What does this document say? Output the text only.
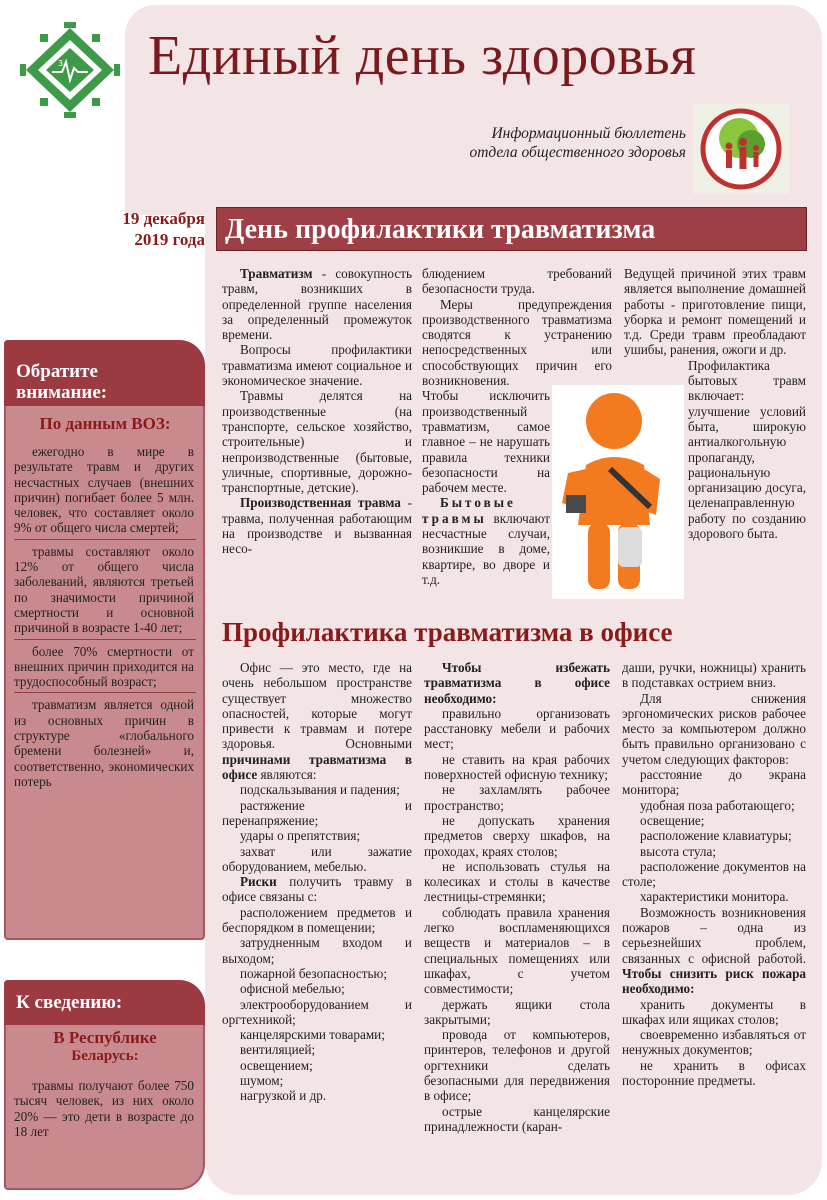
3 Единый день здоровья
Информационный бюллетень
отдела общественного здоровья
19 декабря
2019 года День профилактики травматизма

Травматизм - совокупность травм, возникших в определенной группе населения за определенный промежуток времени.

Вопросы профилактики травматизма имеют социальное и экономическое значение.

Травмы делятся на производственные (на транспорте, сельское хозяйство, строительные) и непроизводственные (бытовые, уличные, спортивные, дорожно-транспортные, детские).

Производственная травма - травма, полученная работающим на производстве и вызванная несо-

блюдением требований безопасности труда.

Меры предупреждения производственного травматизма сводятся к устранению непосредственных или способствующих причин его возникновения.

Чтобы исключить производственный травматизм, самое главное – не нарушать правила техники безопасности на рабочем месте.

Бытовые травмы включают несчастные случаи, возникшие в доме, квартире, во дворе и т.д.

Ведущей причиной этих травм является выполнение домашней работы - приготовление пищи, уборка и ремонт помещений и т.д. Среди травм преобладают ушибы, ранения, ожоги и др.

Профилактика бытовых травм включает: улучшение условий быта, широкую антиалкогольную пропаганду, рациональную организацию досуга, целенаправленную работу по созданию здорового быта.

Профилактика травматизма в офисе

Офис — это место, где на очень небольшом пространстве существует множество опасностей, которые могут привести к травмам и потере здоровья. Основными причинами травматизма в офисе являются:

подскальзывания и падения;

растяжение и перенапряжение;

удары о препятствия;

захват или зажатие оборудованием, мебелью.

Риски получить травму в офисе связаны с:

расположением предметов и беспорядком в помещении;

затрудненным входом и выходом;

пожарной безопасностью;

офисной мебелью;

электрооборудованием и оргтехникой;

канцелярскими товарами;

вентиляцией;

освещением;

шумом;

нагрузкой и др.

Чтобы избежать травматизма в офисе необходимо:

правильно организовать расстановку мебели и рабочих мест;

не ставить на края рабочих поверхностей офисную технику;

не захламлять рабочее пространство;

не допускать хранения предметов сверху шкафов, на проходах, краях столов;

не использовать стулья на колесиках и столы в качестве лестницы-стремянки;

соблюдать правила хранения легко воспламеняющихся веществ и материалов – в специальных помещениях или шкафах, с учетом совместимости;

держать ящики стола закрытыми;

провода от компьютеров, принтеров, телефонов и другой оргтехники сделать безопасными для передвижения в офисе;

острые канцелярские принадлежности (каран-

даши, ручки, ножницы) хранить в подставках острием вниз.

Для снижения эргономических рисков рабочее место за компьютером должно быть правильно организовано с учетом следующих факторов:

расстояние до экрана монитора;

удобная поза работающего;

освещение;

расположение клавиатуры;

высота стула;

расположение документов на столе;

характеристики монитора.

Возможность возникновения пожаров – одна из серьезнейших проблем, связанных с офисной работой. Чтобы снизить риск пожара необходимо:

хранить документы в шкафах или ящиках столов;

своевременно избавляться от ненужных документов;

не хранить в офисах посторонние предметы.

Обратите
внимание:
По данным ВОЗ:

ежегодно в мире в результате травм и других несчастных случаев (внешних причин) погибает более 5 млн. человек, что составляет около 9% от общего числа смертей;

травмы составляют около 12% от общего числа заболеваний, являются третьей по значимости причиной смертности и основной причиной в возрасте 1-40 лет;

более 70% смертности от внешних причин приходится на трудоспособный возраст;

травматизм является одной из основных причин в структуре «глобального бремени болезней» и, соответственно, экономических потерь

К сведению:
В Республике
Беларусь:

травмы получают более 750 тысяч человек, из них около 20% — это дети в возрасте до 18 лет
